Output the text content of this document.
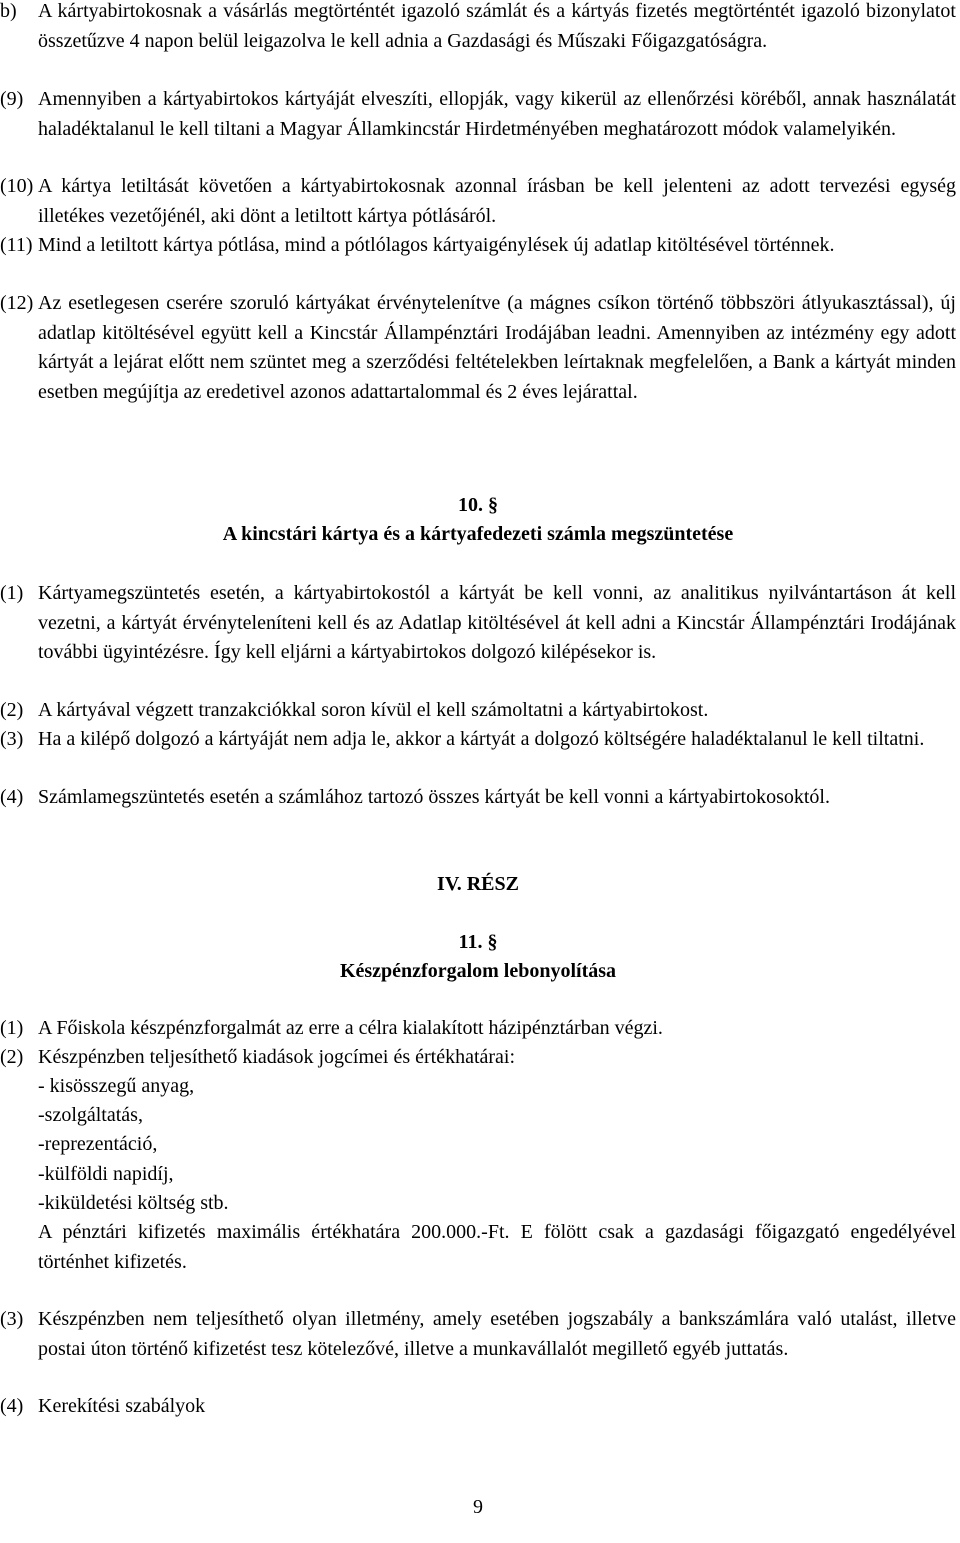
b) A kártyabirtokosnak a vásárlás megtörténtét igazoló számlát és a kártyás fizetés megtörténtét igazoló bizonylatot összetűzve 4 napon belül leigazolva le kell adnia a Gazdasági és Műszaki Főigazgatóságra.
(9) Amennyiben a kártyabirtokos kártyáját elveszíti, ellopják, vagy kikerül az ellenőrzési köréből, annak használatát haladéktalanul le kell tiltani a Magyar Államkincstár Hirdetményében meghatározott módok valamelyikén.
(10) A kártya letiltását követően a kártyabirtokosnak azonnal írásban be kell jelenteni az adott tervezési egység illetékes vezetőjénél, aki dönt a letiltott kártya pótlásáról.
(11) Mind a letiltott kártya pótlása, mind a pótlólagos kártyaigénylések új adatlap kitöltésével történnek.
(12) Az esetlegesen cserére szoruló kártyákat érvénytelenítve (a mágnes csíkon történő többszöri átlyukasztással), új adatlap kitöltésével együtt kell a Kincstár Állampénztári Irodájában leadni. Amennyiben az intézmény egy adott kártyát a lejárat előtt nem szüntet meg a szerződési feltételekben leírtaknak megfelelően, a Bank a kártyát minden esetben megújítja az eredetivel azonos adattartalommal és 2 éves lejárattal.
10. §
A kincstári kártya és a kártyafedezeti számla megszüntetése
(1) Kártyamegszüntetés esetén, a kártyabirtokostól a kártyát be kell vonni, az analitikus nyilvántartáson át kell vezetni, a kártyát érvényteleníteni kell és az Adatlap kitöltésével át kell adni a Kincstár Állampénztári Irodájának további ügyintézésre. Így kell eljárni a kártyabirtokos dolgozó kilépésekor is.
(2) A kártyával végzett tranzakciókkal soron kívül el kell számoltatni a kártyabirtokost.
(3) Ha a kilépő dolgozó a kártyáját nem adja le, akkor a kártyát a dolgozó költségére haladéktalanul le kell tiltatni.
(4) Számlamegszüntetés esetén a számlához tartozó összes kártyát be kell vonni a kártyabirtokosoktól.
IV. RÉSZ
11. §
Készpénzforgalom lebonyolítása
(1) A Főiskola készpénzforgalmát az erre a célra kialakított házipénztárban végzi.
(2) Készpénzben teljesíthető kiadások jogcímei és értékhatárai:
- kisösszegű anyag,
-szolgáltatás,
-reprezentáció,
-külföldi napidíj,
-kiküldetési költség stb.
A pénztári kifizetés maximális értékhatára 200.000.-Ft. E fölött csak a gazdasági főigazgató engedélyével történhet kifizetés.
(3) Készpénzben nem teljesíthető olyan illetmény, amely esetében jogszabály a bankszámlára való utalást, illetve postai úton történő kifizetést tesz kötelezővé, illetve a munkavállalót megillető egyéb juttatás.
(4) Kerekítési szabályok
9
